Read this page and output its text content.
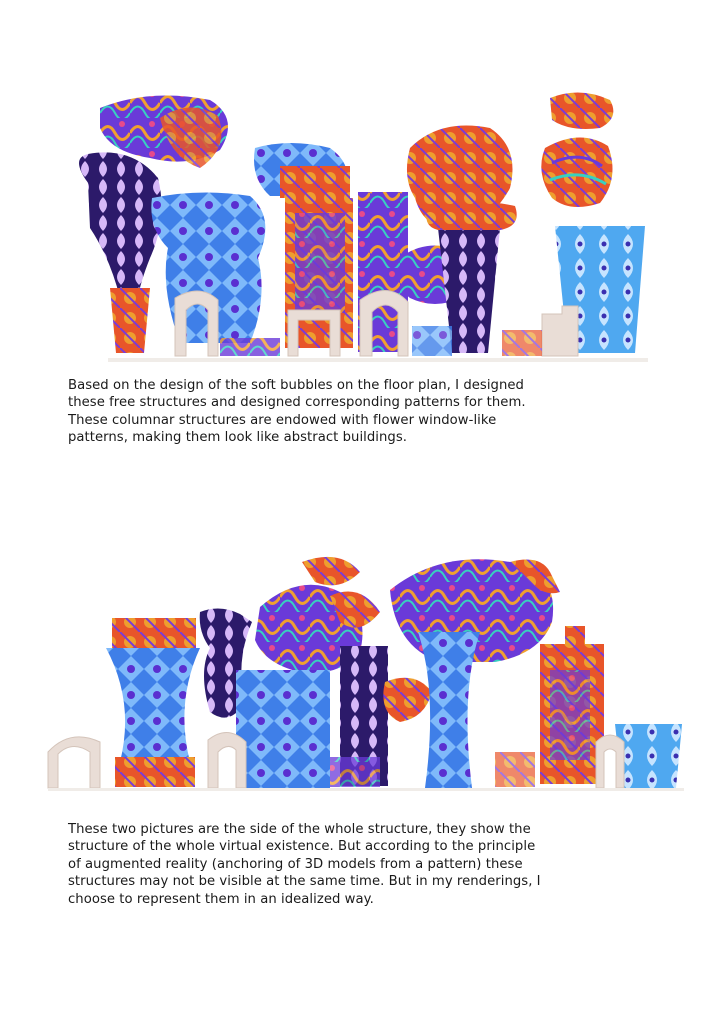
Based on the design of the soft bubbles on the floor plan, I designed these free structures and designed corresponding patterns for them. These columnar structures are endowed with flower window-like patterns, making them look like abstract buildings.

These two pictures are the side of the whole structure, they show the structure of the whole virtual existence. But according to the principle of augmented reality (anchoring of 3D models from a pattern) these structures may not be visible at the same time. But in my renderings, I choose to represent them in an idealized way.
